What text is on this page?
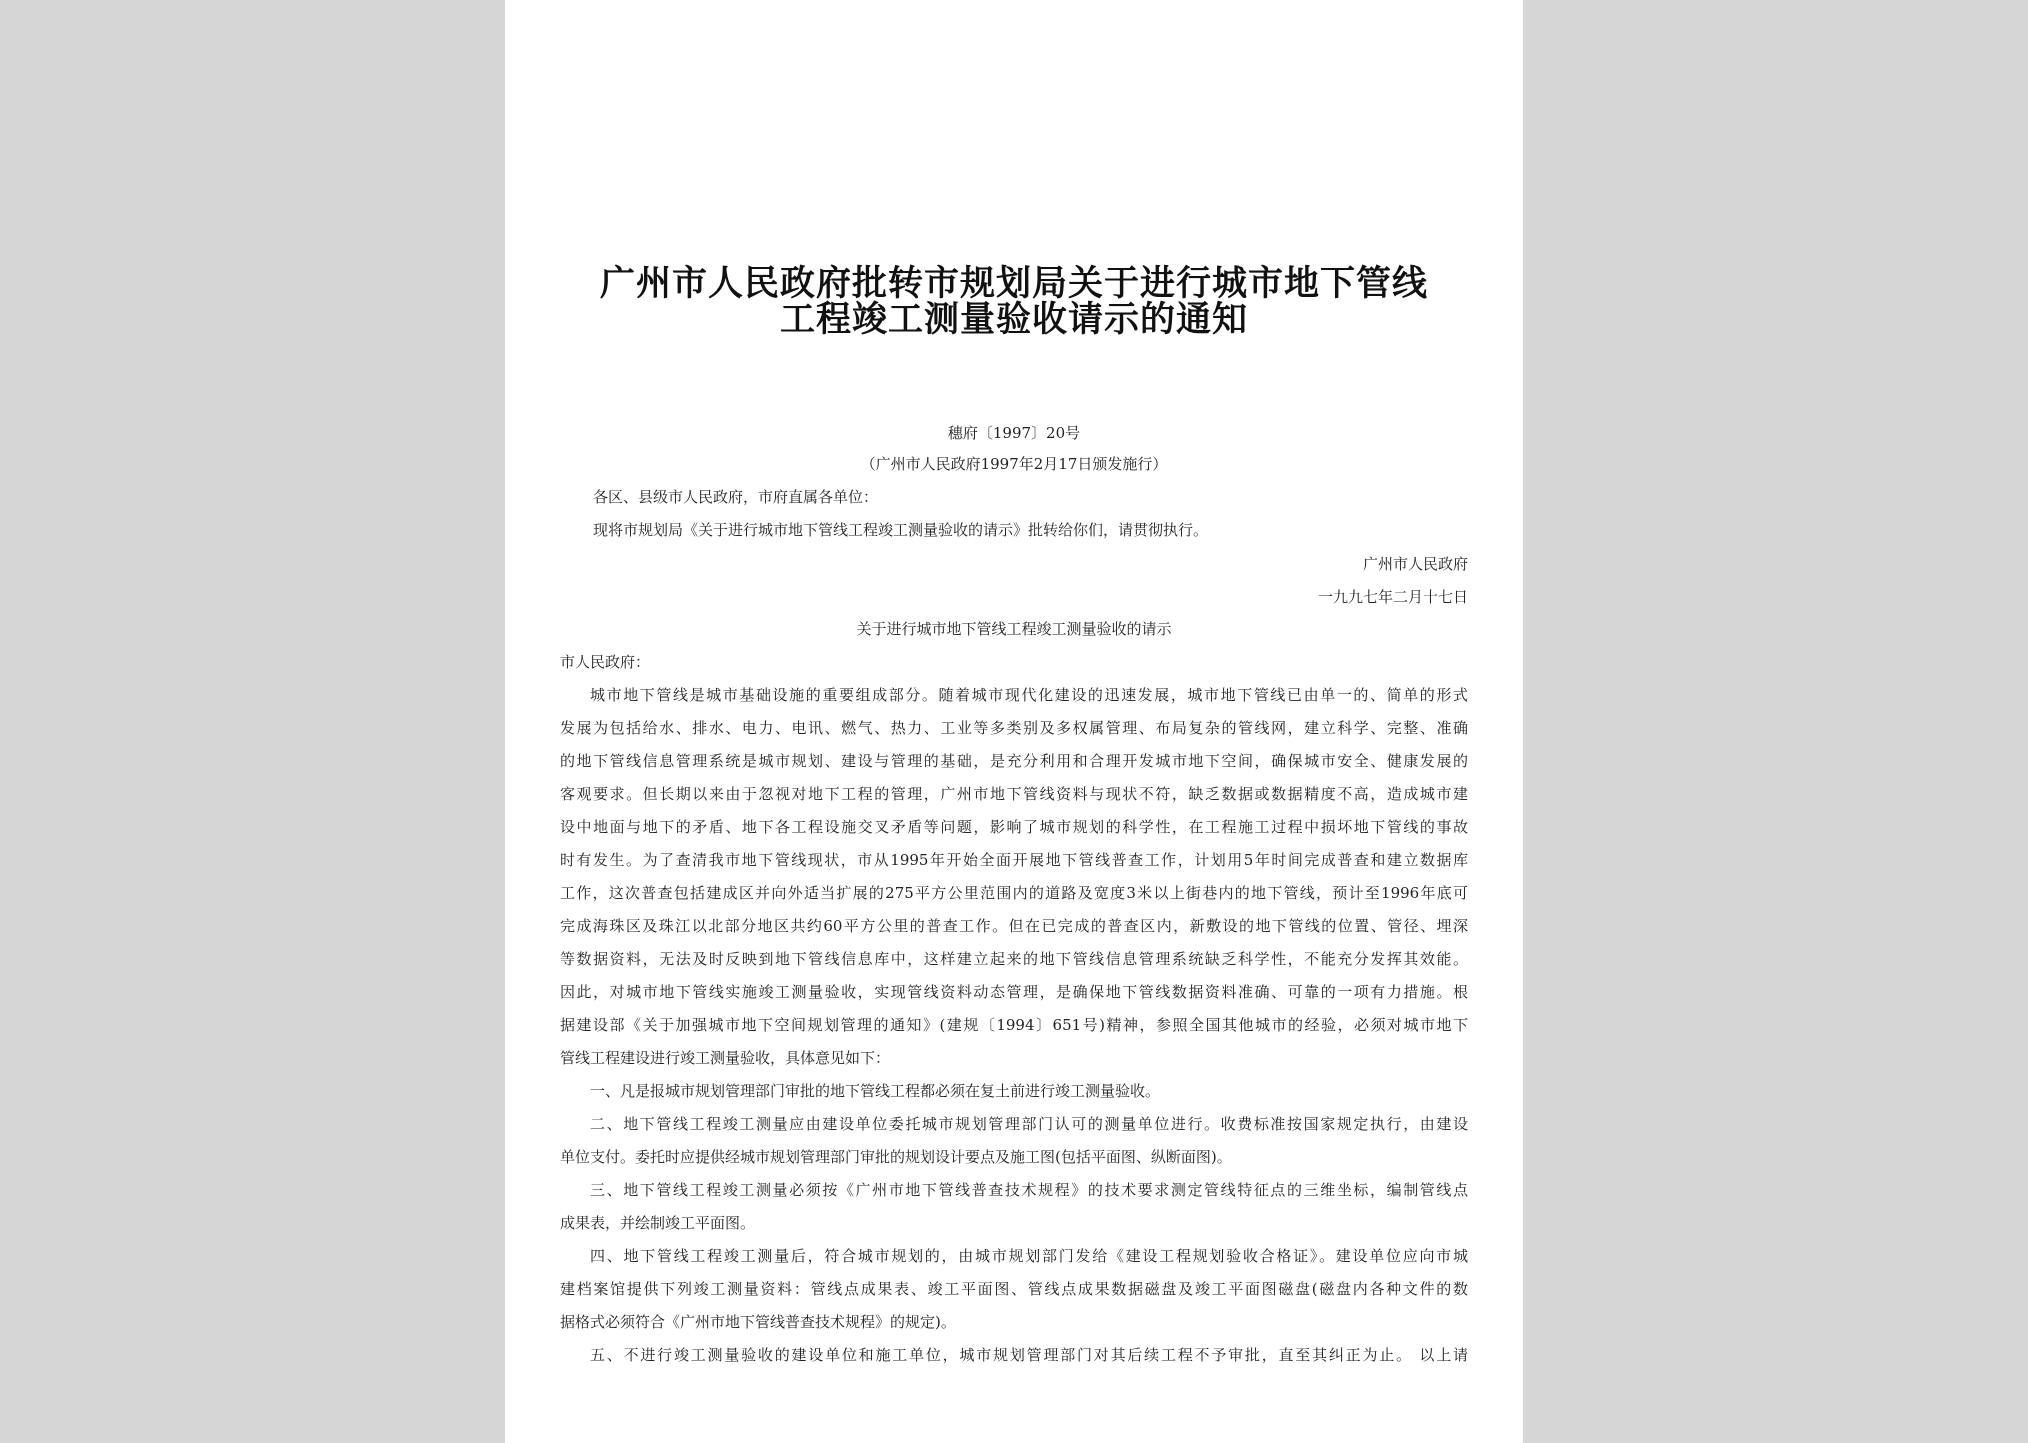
广州市人民政府批转市规划局关于进行城市地下管线
工程竣工测量验收请示的通知
穗府〔1997〕20号
（广州市人民政府1997年2月17日颁发施行）
各区、县级市人民政府，市府直属各单位：
现将市规划局《关于进行城市地下管线工程竣工测量验收的请示》批转给你们，请贯彻执行。
广州市人民政府
一九九七年二月十七日
关于进行城市地下管线工程竣工测量验收的请示
市人民政府：
城市地下管线是城市基础设施的重要组成部分。随着城市现代化建设的迅速发展，城市地下管线已由单一的、简单的形式
发展为包括给水、排水、电力、电讯、燃气、热力、工业等多类别及多权属管理、布局复杂的管线网，建立科学、完整、准确
的地下管线信息管理系统是城市规划、建设与管理的基础，是充分利用和合理开发城市地下空间，确保城市安全、健康发展的
客观要求。但长期以来由于忽视对地下工程的管理，广州市地下管线资料与现状不符，缺乏数据或数据精度不高，造成城市建
设中地面与地下的矛盾、地下各工程设施交叉矛盾等问题，影响了城市规划的科学性，在工程施工过程中损坏地下管线的事故
时有发生。为了查清我市地下管线现状，市从1995年开始全面开展地下管线普查工作，计划用5年时间完成普查和建立数据库
工作，这次普查包括建成区并向外适当扩展的275平方公里范围内的道路及宽度3米以上街巷内的地下管线，预计至1996年底可
完成海珠区及珠江以北部分地区共约60平方公里的普查工作。但在已完成的普查区内，新敷设的地下管线的位置、管径、埋深
等数据资料，无法及时反映到地下管线信息库中，这样建立起来的地下管线信息管理系统缺乏科学性，不能充分发挥其效能。
因此，对城市地下管线实施竣工测量验收，实现管线资料动态管理，是确保地下管线数据资料准确、可靠的一项有力措施。根
据建设部《关于加强城市地下空间规划管理的通知》(建规〔1994〕651号)精神，参照全国其他城市的经验，必须对城市地下
管线工程建设进行竣工测量验收，具体意见如下：
一、凡是报城市规划管理部门审批的地下管线工程都必须在复土前进行竣工测量验收。
二、地下管线工程竣工测量应由建设单位委托城市规划管理部门认可的测量单位进行。收费标准按国家规定执行，由建设
单位支付。委托时应提供经城市规划管理部门审批的规划设计要点及施工图(包括平面图、纵断面图)。
三、地下管线工程竣工测量必须按《广州市地下管线普查技术规程》的技术要求测定管线特征点的三维坐标，编制管线点
成果表，并绘制竣工平面图。
四、地下管线工程竣工测量后，符合城市规划的，由城市规划部门发给《建设工程规划验收合格证》。建设单位应向市城
建档案馆提供下列竣工测量资料：管线点成果表、竣工平面图、管线点成果数据磁盘及竣工平面图磁盘(磁盘内各种文件的数
据格式必须符合《广州市地下管线普查技术规程》的规定)。
五、不进行竣工测量验收的建设单位和施工单位，城市规划管理部门对其后续工程不予审批，直至其纠正为止。 以上请
